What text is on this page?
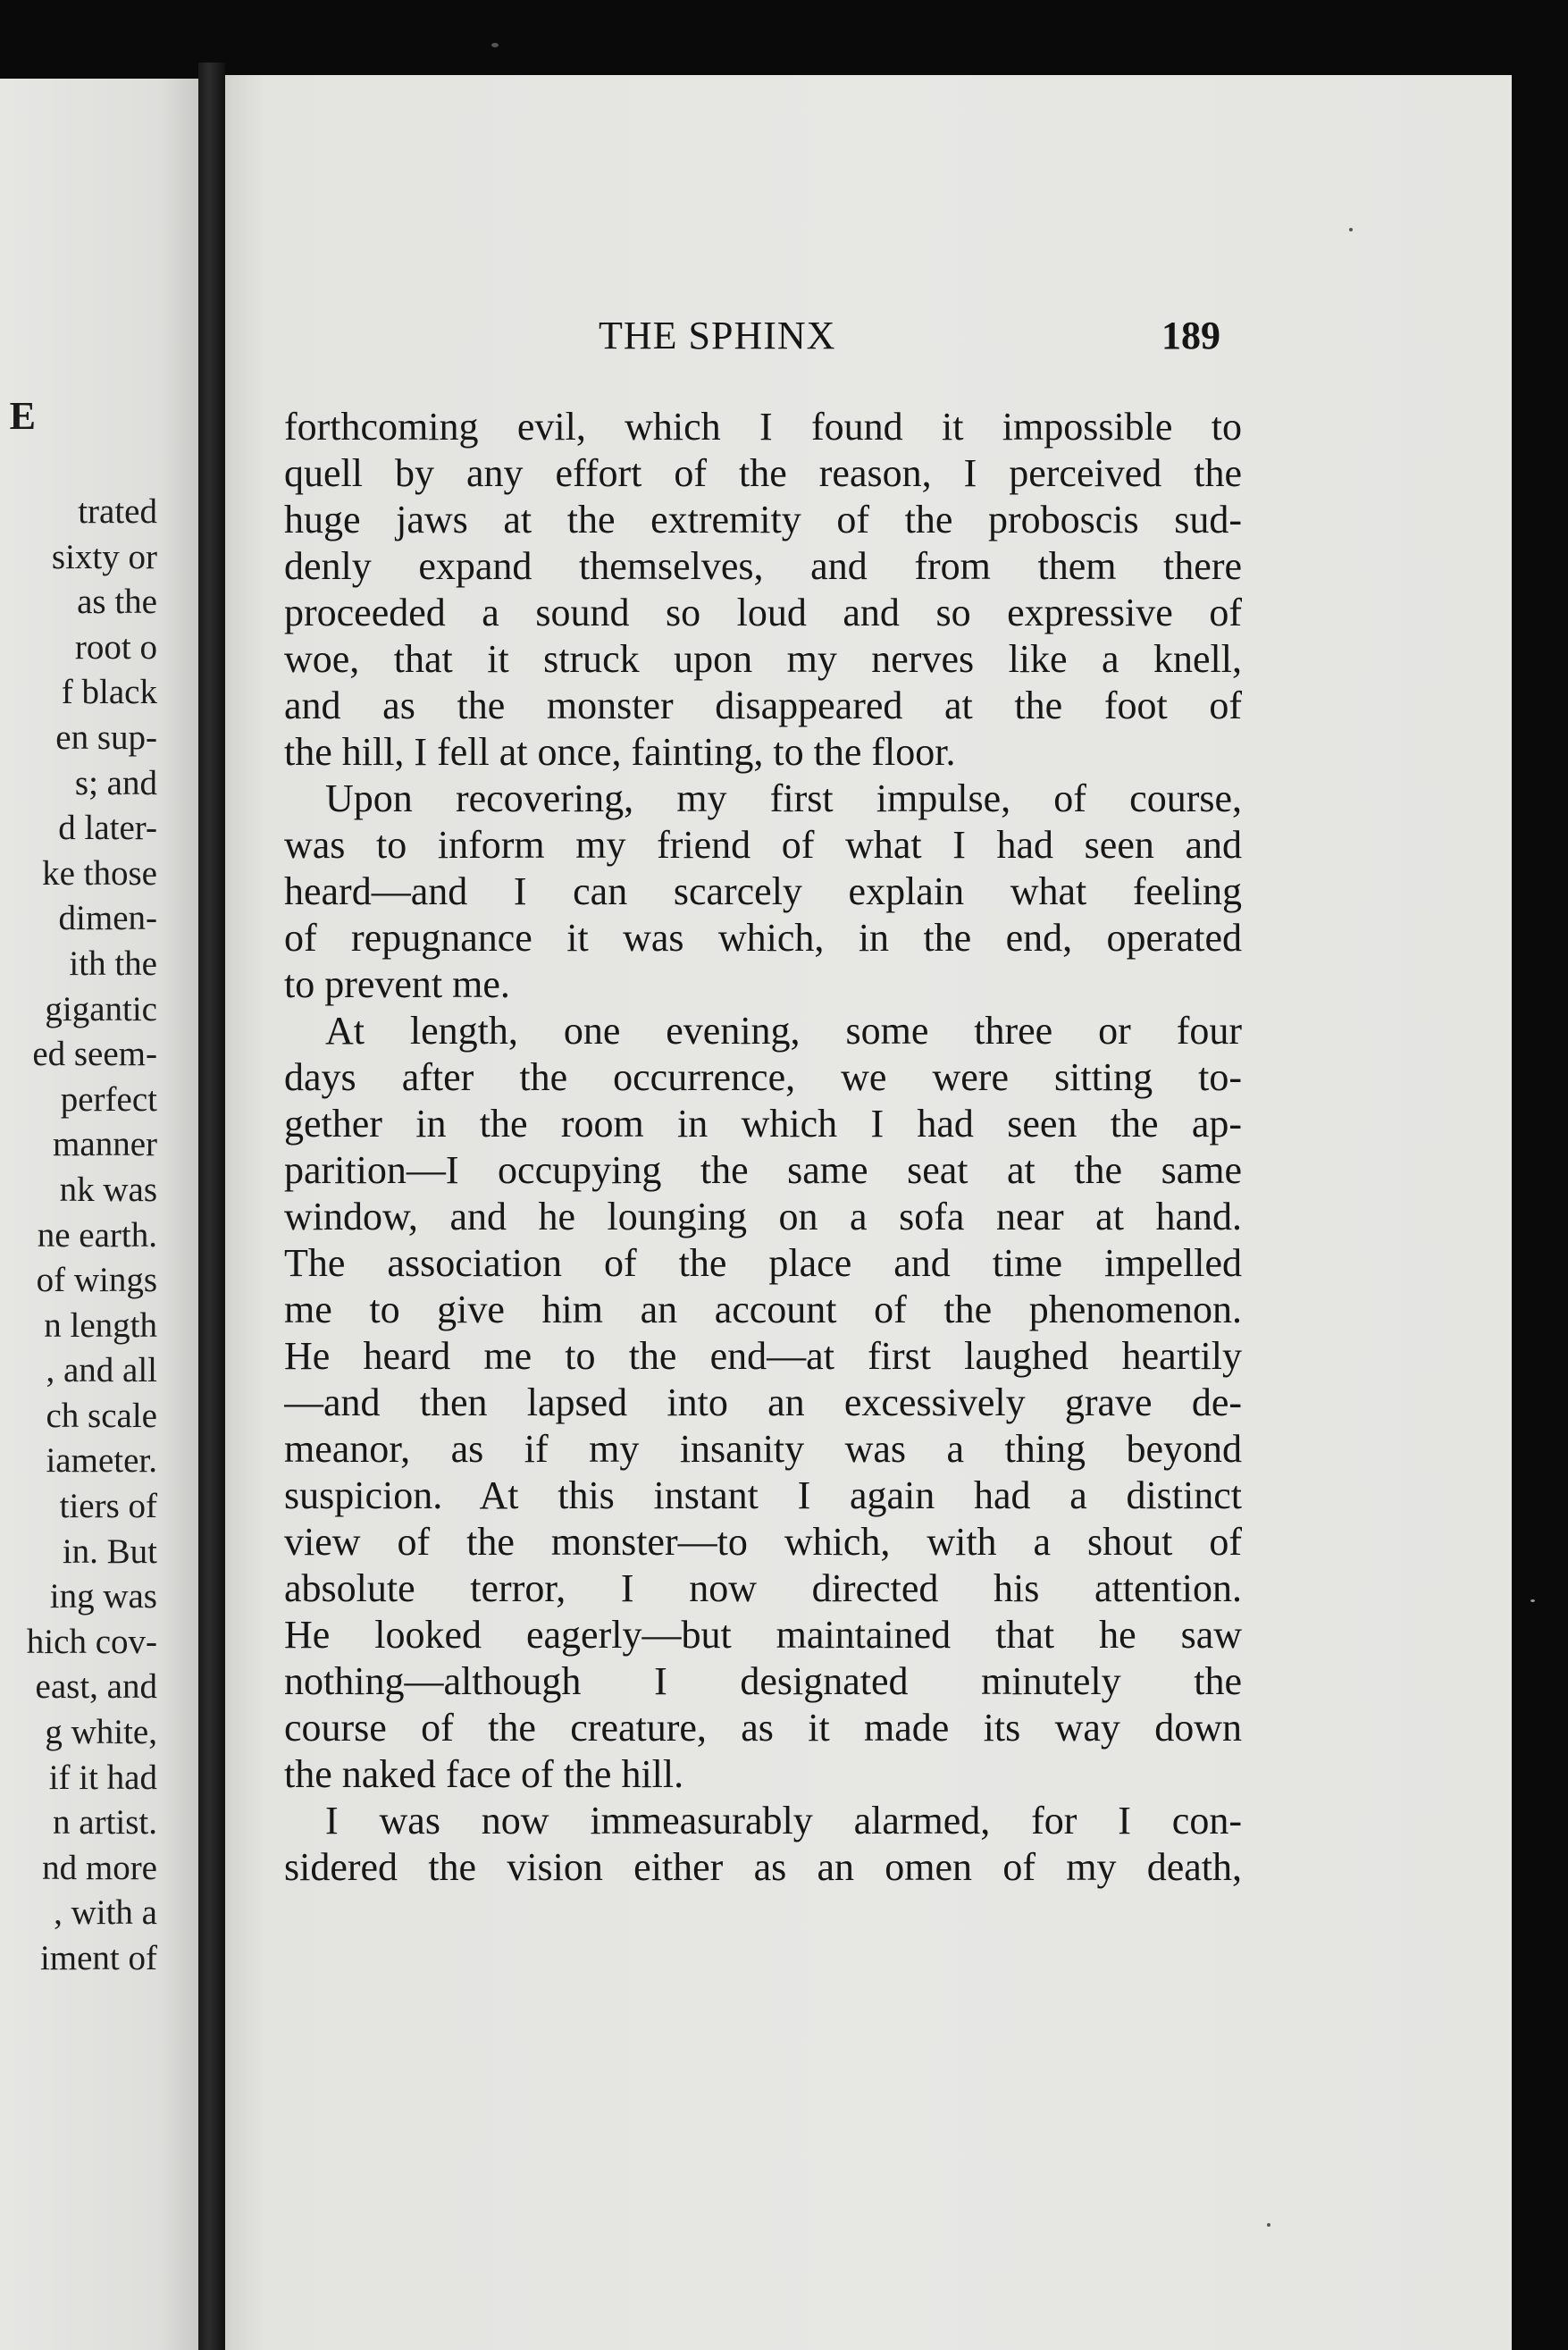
E
trated
sixty or
as the
root o
f black
en sup-
s; and
d later-
ke those
dimen-
ith the
gigantic
ed seem-
perfect
manner
nk was
ne earth.
of wings
n length
, and all
ch scale
iameter.
tiers of
in. But
ing was
hich cov-
east, and
g white,
if it had
n artist.
nd more
, with a
iment of
THE SPHINX	189
forthcoming evil, which I found it impossible to
quell by any effort of the reason, I perceived the
huge jaws at the extremity of the proboscis sud-
denly expand themselves, and from them there
proceeded a sound so loud and so expressive of
woe, that it struck upon my nerves like a knell,
and as the monster disappeared at the foot of
the hill, I fell at once, fainting, to the floor.
Upon recovering, my first impulse, of course,
was to inform my friend of what I had seen and
heard—and I can scarcely explain what feeling
of repugnance it was which, in the end, operated
to prevent me.
At length, one evening, some three or four
days after the occurrence, we were sitting to-
gether in the room in which I had seen the ap-
parition—I occupying the same seat at the same
window, and he lounging on a sofa near at hand.
The association of the place and time impelled
me to give him an account of the phenomenon.
He heard me to the end—at first laughed heartily
—and then lapsed into an excessively grave de-
meanor, as if my insanity was a thing beyond
suspicion. At this instant I again had a distinct
view of the monster—to which, with a shout of
absolute terror, I now directed his attention.
He looked eagerly—but maintained that he saw
nothing—although I designated minutely the
course of the creature, as it made its way down
the naked face of the hill.
I was now immeasurably alarmed, for I con-
sidered the vision either as an omen of my death,
